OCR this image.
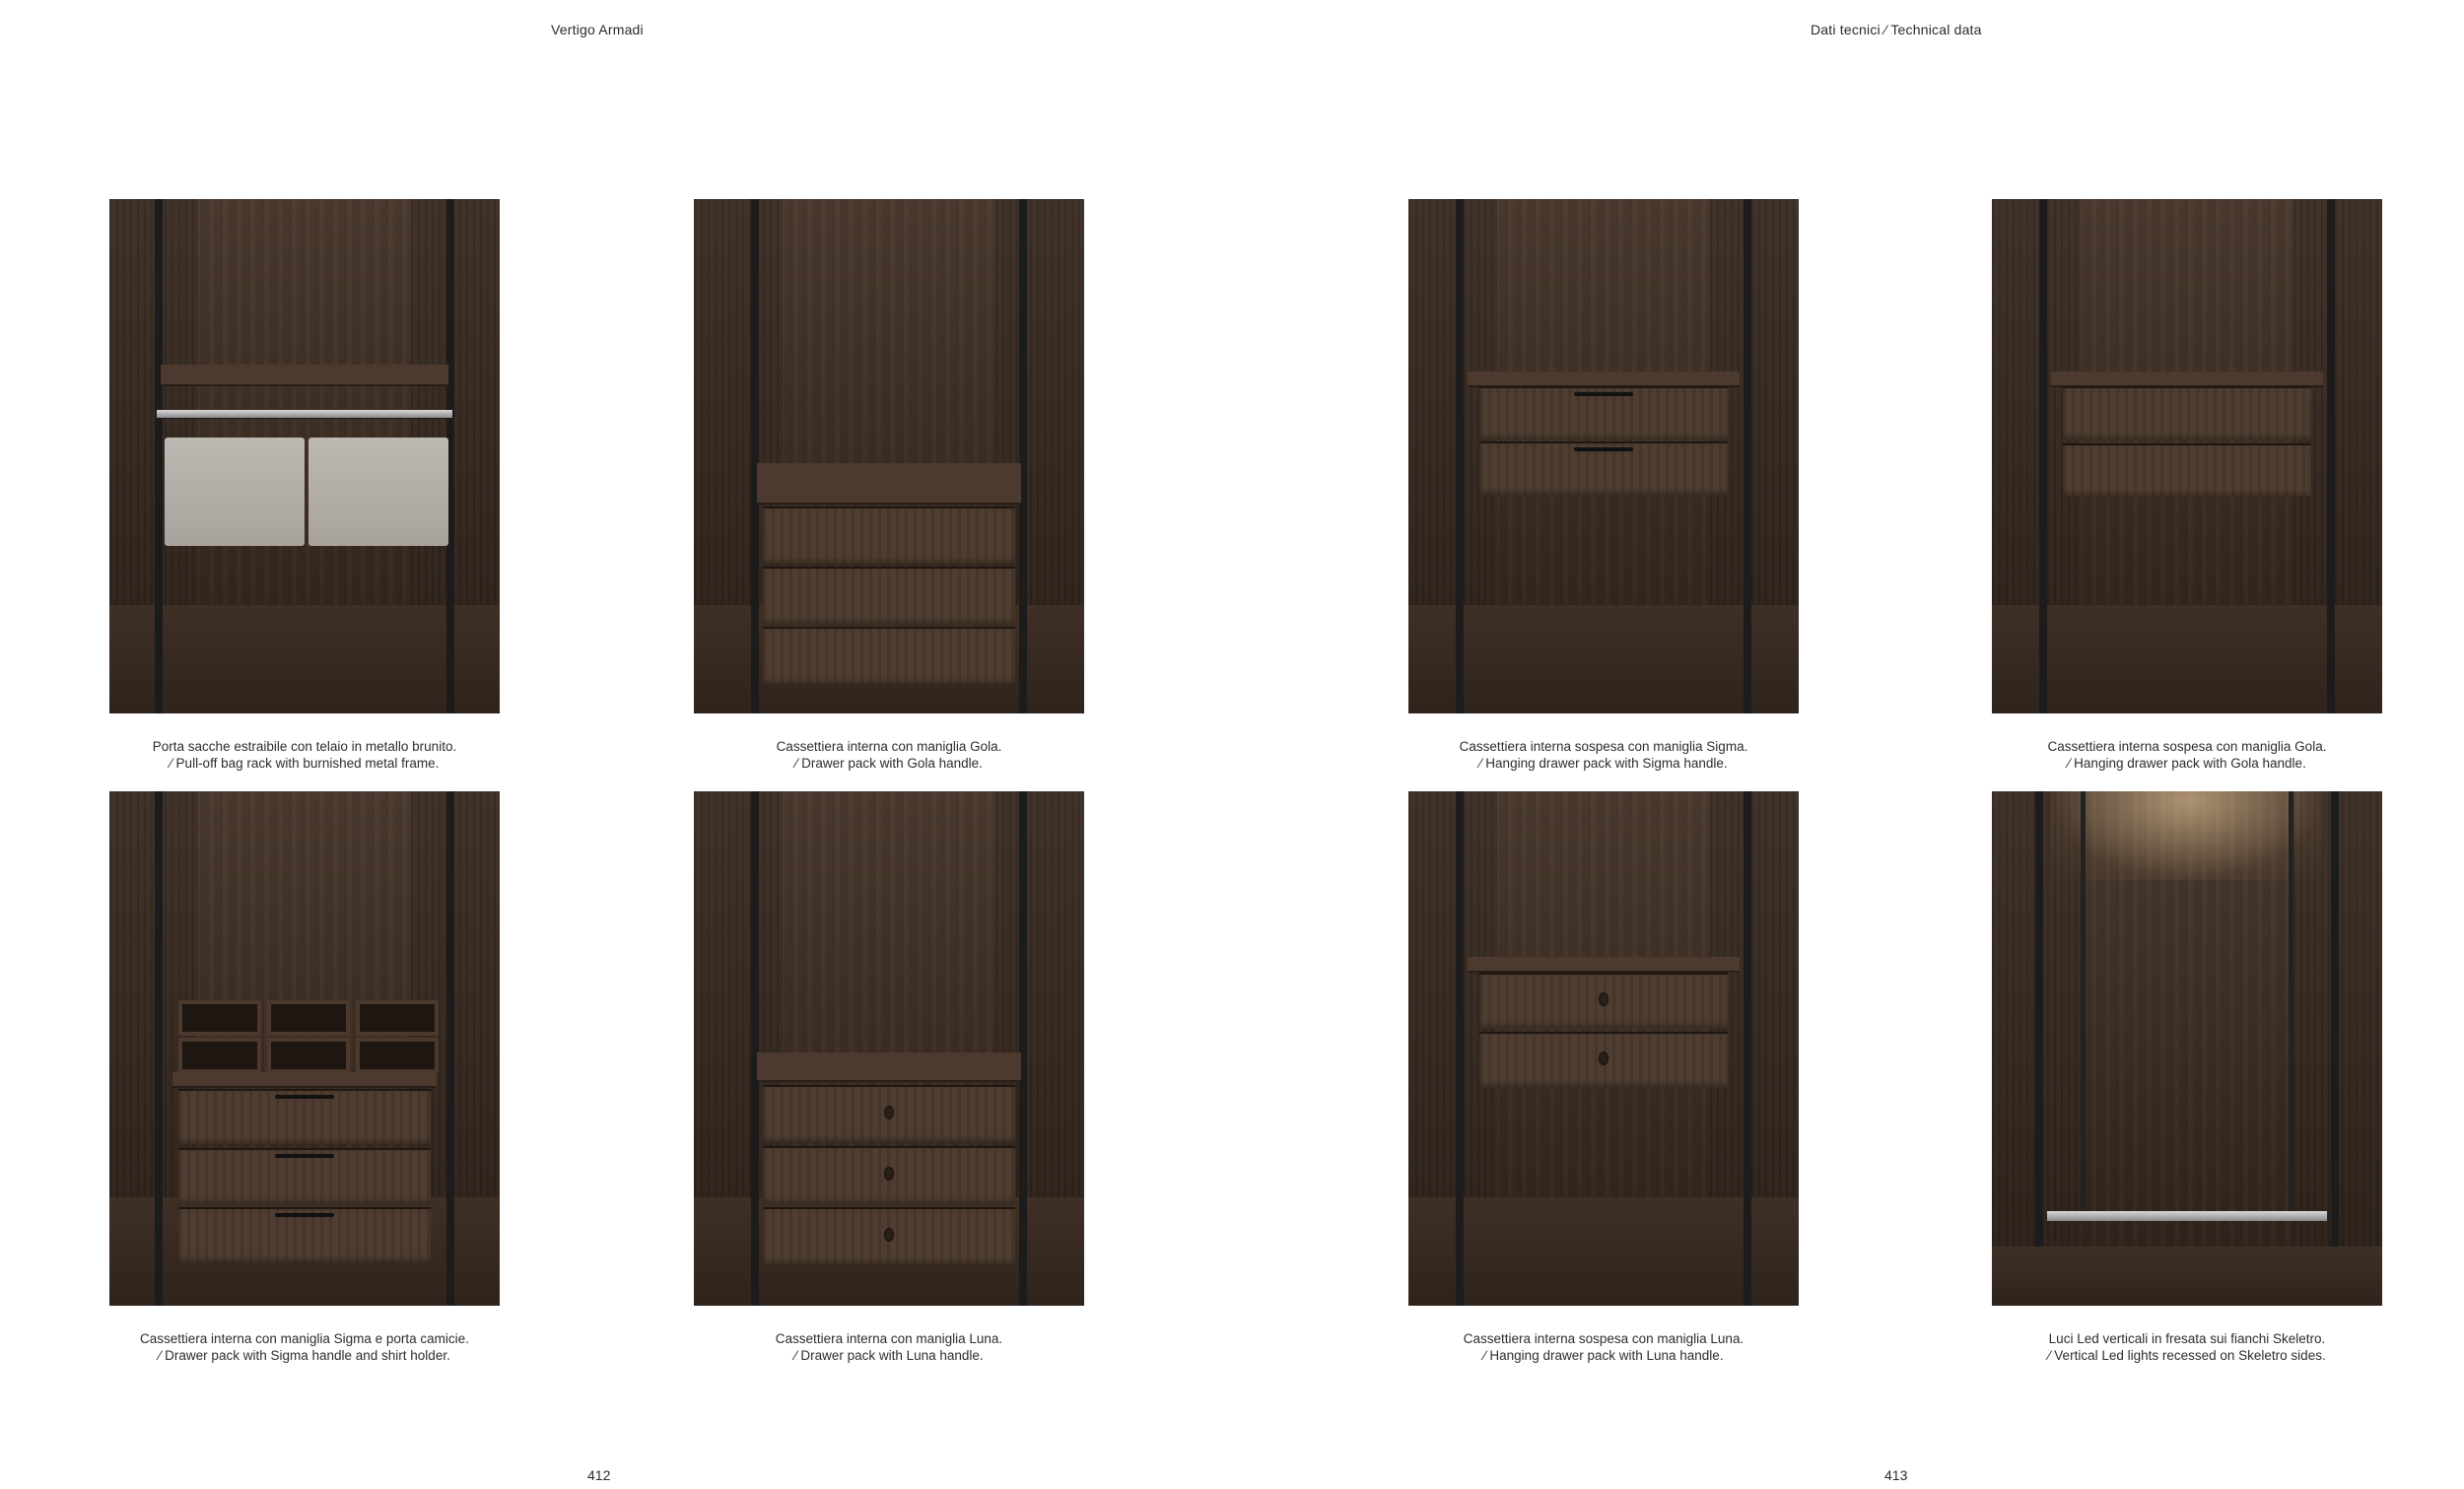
Vertigo Armadi	Dati tecnici ⁄ Technical data
Porta sacche estraibile con telaio in metallo brunito.
⁄ Pull-off bag rack with burnished metal frame.
Cassettiera interna con maniglia Gola.
⁄ Drawer pack with Gola handle.
Cassettiera interna sospesa con maniglia Sigma.
⁄ Hanging drawer pack with Sigma handle.
Cassettiera interna sospesa con maniglia Gola.
⁄ Hanging drawer pack with Gola handle.
Cassettiera interna con maniglia Sigma e porta camicie.
⁄ Drawer pack with Sigma handle and shirt holder.
Cassettiera interna con maniglia Luna.
⁄ Drawer pack with Luna handle.
Cassettiera interna sospesa con maniglia Luna.
⁄ Hanging drawer pack with Luna handle.
Luci Led verticali in fresata sui fianchi Skeletro.
⁄ Vertical Led lights recessed on Skeletro sides.
412	413
